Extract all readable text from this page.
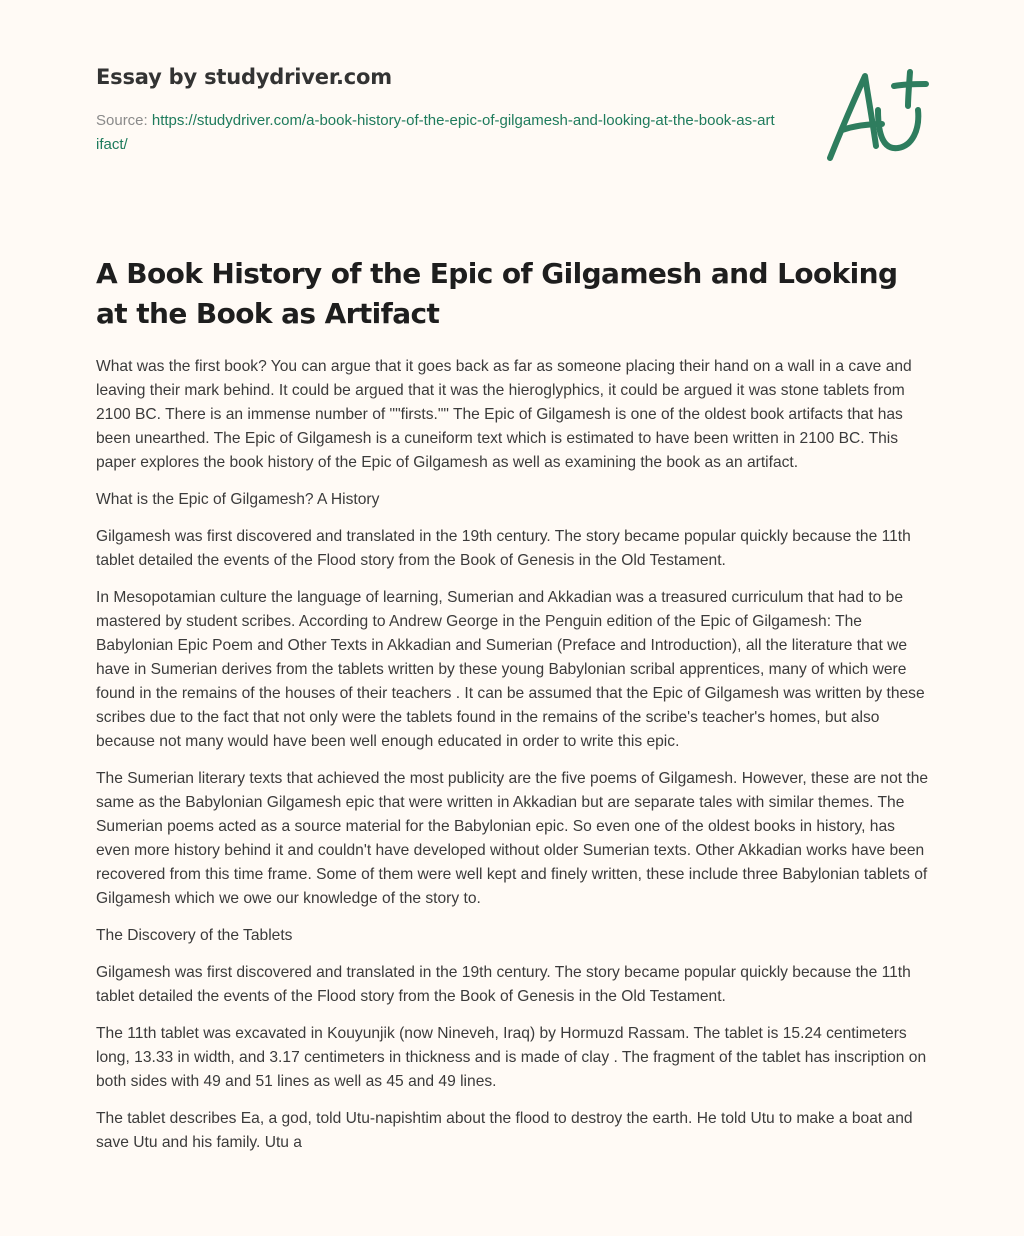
Essay by studydriver.com
Source: https://studydriver.com/a-book-history-of-the-epic-of-gilgamesh-and-looking-at-the-book-as-artifact/
A Book History of the Epic of Gilgamesh and Looking at the Book as Artifact

What was the first book? You can argue that it goes back as far as someone placing their hand on a wall in a cave and leaving their mark behind. It could be argued that it was the hieroglyphics, it could be argued it was stone tablets from 2100 BC. There is an immense number of ""firsts."" The Epic of Gilgamesh is one of the oldest book artifacts that has been unearthed. The Epic of Gilgamesh is a cuneiform text which is estimated to have been written in 2100 BC. This paper explores the book history of the Epic of Gilgamesh as well as examining the book as an artifact.

What is the Epic of Gilgamesh? A History

Gilgamesh was first discovered and translated in the 19th century. The story became popular quickly because the 11th tablet detailed the events of the Flood story from the Book of Genesis in the Old Testament.

In Mesopotamian culture the language of learning, Sumerian and Akkadian was a treasured curriculum that had to be mastered by student scribes. According to Andrew George in the Penguin edition of the Epic of Gilgamesh: The Babylonian Epic Poem and Other Texts in Akkadian and Sumerian (Preface and Introduction), all the literature that we have in Sumerian derives from the tablets written by these young Babylonian scribal apprentices, many of which were found in the remains of the houses of their teachers . It can be assumed that the Epic of Gilgamesh was written by these scribes due to the fact that not only were the tablets found in the remains of the scribe's teacher's homes, but also because not many would have been well enough educated in order to write this epic.

The Sumerian literary texts that achieved the most publicity are the five poems of Gilgamesh. However, these are not the same as the Babylonian Gilgamesh epic that were written in Akkadian but are separate tales with similar themes. The Sumerian poems acted as a source material for the Babylonian epic. So even one of the oldest books in history, has even more history behind it and couldn't have developed without older Sumerian texts. Other Akkadian works have been recovered from this time frame. Some of them were well kept and finely written, these include three Babylonian tablets of Gilgamesh which we owe our knowledge of the story to.

The Discovery of the Tablets

Gilgamesh was first discovered and translated in the 19th century. The story became popular quickly because the 11th tablet detailed the events of the Flood story from the Book of Genesis in the Old Testament.

The 11th tablet was excavated in Kouyunjik (now Nineveh, Iraq) by Hormuzd Rassam. The tablet is 15.24 centimeters long, 13.33 in width, and 3.17 centimeters in thickness and is made of clay . The fragment of the tablet has inscription on both sides with 49 and 51 lines as well as 45 and 49 lines.

The tablet describes Ea, a god, told Utu-napishtim about the flood to destroy the earth. He told Utu to make a boat and save Utu and his family. Utu a
